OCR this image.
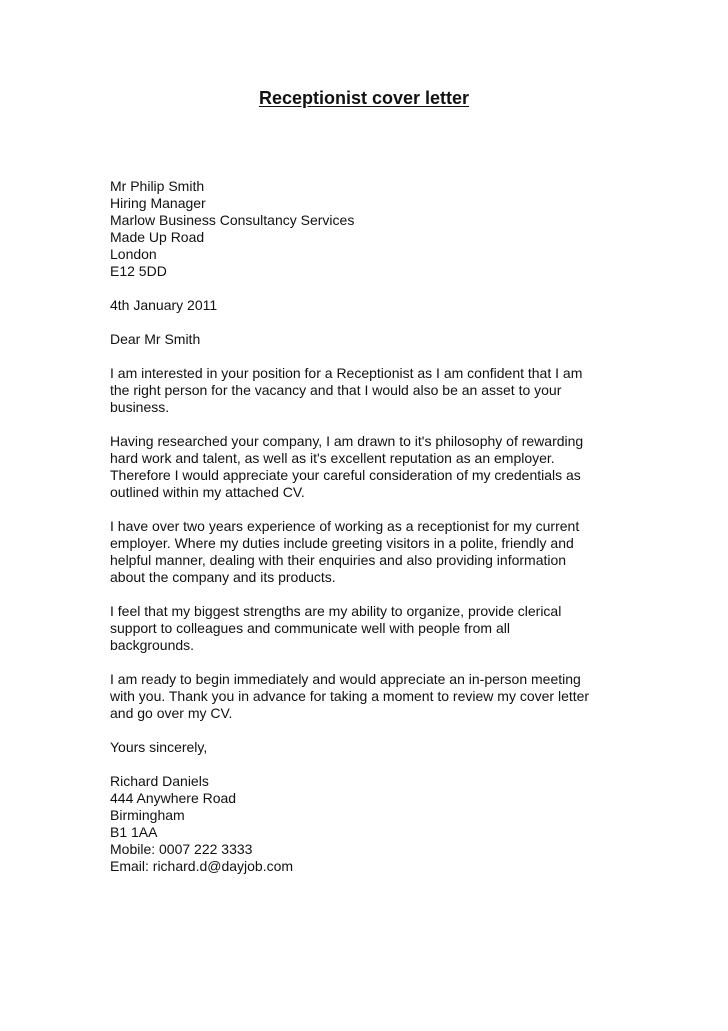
Receptionist cover letter
Mr Philip Smith
Hiring Manager
Marlow Business Consultancy Services
Made Up Road
London
E12 5DD
4th January 2011
Dear Mr Smith
I am interested in your position for a Receptionist as I am confident that I am
the right person for the vacancy and that I would also be an asset to your
business.
Having researched your company, I am drawn to it's philosophy of rewarding
hard work and talent, as well as it's excellent reputation as an employer.
Therefore I would appreciate your careful consideration of my credentials as
outlined within my attached CV.
I have over two years experience of working as a receptionist for my current
employer. Where my duties include greeting visitors in a polite, friendly and
helpful manner, dealing with their enquiries and also providing information
about the company and its products.
I feel that my biggest strengths are my ability to organize, provide clerical
support to colleagues and communicate well with people from all
backgrounds.
I am ready to begin immediately and would appreciate an in-person meeting
with you. Thank you in advance for taking a moment to review my cover letter
and go over my CV.
Yours sincerely,
Richard Daniels
444 Anywhere Road
Birmingham
B1 1AA
Mobile: 0007 222 3333
Email: richard.d@dayjob.com
